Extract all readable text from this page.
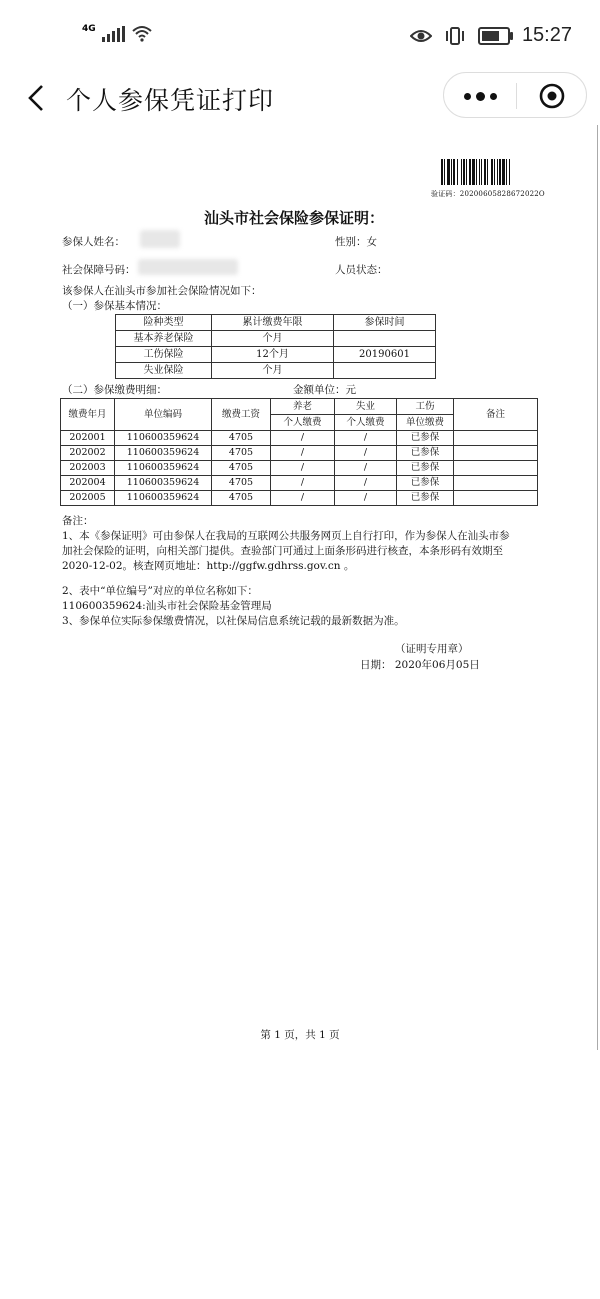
4G	15:27
个人参保凭证打印
验证码：20200605828672022O
汕头市社会保险参保证明：
参保人姓名：	性别：女
社会保障号码：	人员状态：
该参保人在汕头市参加社会保险情况如下：
（一）参保基本情况：
险种类型	累计缴费年限	参保时间
基本养老保险	个月	
工伤保险	12个月	20190601
失业保险	个月	
（二）参保缴费明细：	金额单位：元
缴费年月	单位编码	缴费工资	养老	失业	工伤	备注
			个人缴费	个人缴费	单位缴费	
202001	110600359624	4705	/	/	已参保	
202002	110600359624	4705	/	/	已参保	
202003	110600359624	4705	/	/	已参保	
202004	110600359624	4705	/	/	已参保	
202005	110600359624	4705	/	/	已参保	
备注：
1、本《参保证明》可由参保人在我局的互联网公共服务网页上自行打印，作为参保人在汕头市参
加社会保险的证明，向相关部门提供。查验部门可通过上面条形码进行核查，本条形码有效期至
2020-12-02。核查网页地址：http://ggfw.gdhrss.gov.cn 。
2、表中“单位编号”对应的单位名称如下：
110600359624:汕头市社会保险基金管理局
3、参保单位实际参保缴费情况，以社保局信息系统记载的最新数据为准。
（证明专用章）
日期： 2020年06月05日
第 1 页，共 1 页
